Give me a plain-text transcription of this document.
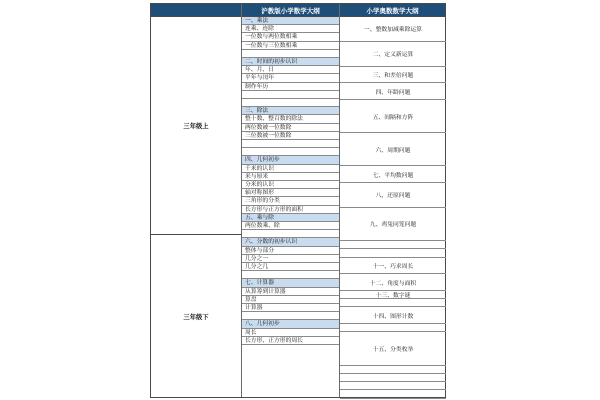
沪教版小学数学大纲	小学奥数数学大纲
三年级上
三年级下
一、乘法
连乘、连除
一位数与两位数相乘
一位数与三位数相乘
二、时间的初步认识
年、月、日
平年与闰年
制作年历
三、除法
整十数、整百数的除法
两位数被一位数除
三位数被一位数除
四、几何初步
千米的认识
米与厘米
分米的认识
轴对称图形
三角形的分类
长方形与正方形的面积
五、乘与除
两位数乘、除
六、分数的初步认识
整体与部分
几分之一
几分之几
七、计算器
从算筹到计算器
算盘
计算器
八、几何初步
周长
长方形、正方形的周长
一、整数加减乘除运算
二、定义新运算
三、和差倍问题
四、年龄问题
五、间隔和方阵
六、周期问题
七、平均数问题
八、还原问题
九、鸡兔同笼问题
十一、巧求周长
十二、角度与面积
十三、数字谜
十四、图形计数
十五、分类枚举
